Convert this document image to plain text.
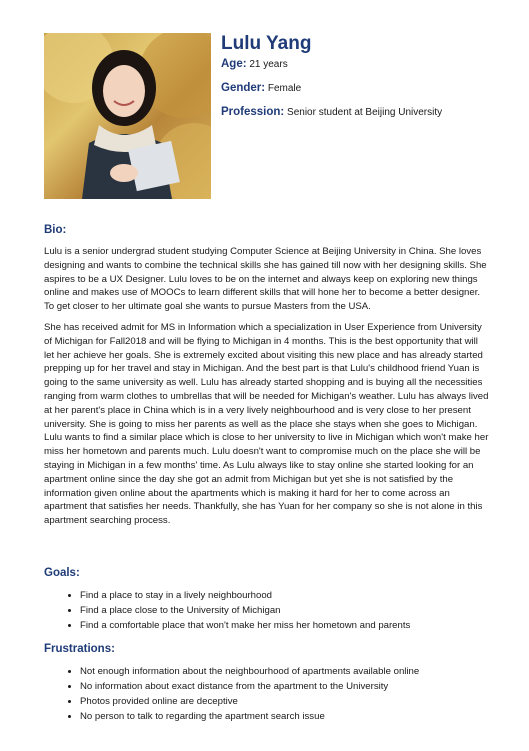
Lulu Yang
Age: 21 years
Gender: Female
Profession: Senior student at Beijing University

Bio:

Lulu is a senior undergrad student studying Computer Science at Beijing University in China. She loves designing and wants to combine the technical skills she has gained till now with her designing skills. She aspires to be a UX Designer. Lulu loves to be on the internet and always keep on exploring new things online and makes use of MOOCs to learn different skills that will hone her to become a better designer. To get closer to her ultimate goal she wants to pursue Masters from the USA.

She has received admit for MS in Information which a specialization in User Experience from University of Michigan for Fall2018 and will be flying to Michigan in 4 months. This is the best opportunity that will let her achieve her goals. She is extremely excited about visiting this new place and has already started prepping up for her travel and stay in Michigan. And the best part is that Lulu's childhood friend Yuan is going to the same university as well. Lulu has already started shopping and is buying all the necessities ranging from warm clothes to umbrellas that will be needed for Michigan's weather. Lulu has always lived at her parent's place in China which is in a very lively neighbourhood and is very close to her present university. She is going to miss her parents as well as the place she stays when she goes to Michigan. Lulu wants to find a similar place which is close to her university to live in Michigan which won't make her miss her hometown and parents much. Lulu doesn't want to compromise much on the place she will be staying in Michigan in a few months' time. As Lulu always like to stay online she started looking for an apartment online since the day she got an admit from Michigan but yet she is not satisfied by the information given online about the apartments which is making it hard for her to come across an apartment that satisfies her needs. Thankfully, she has Yuan for her company so she is not alone in this apartment searching process.

Goals:

• Find a place to stay in a lively neighbourhood
• Find a place close to the University of Michigan
• Find a comfortable place that won't make her miss her hometown and parents

Frustrations:

• Not enough information about the neighbourhood of apartments available online
• No information about exact distance from the apartment to the University
• Photos provided online are deceptive
• No person to talk to regarding the apartment search issue
